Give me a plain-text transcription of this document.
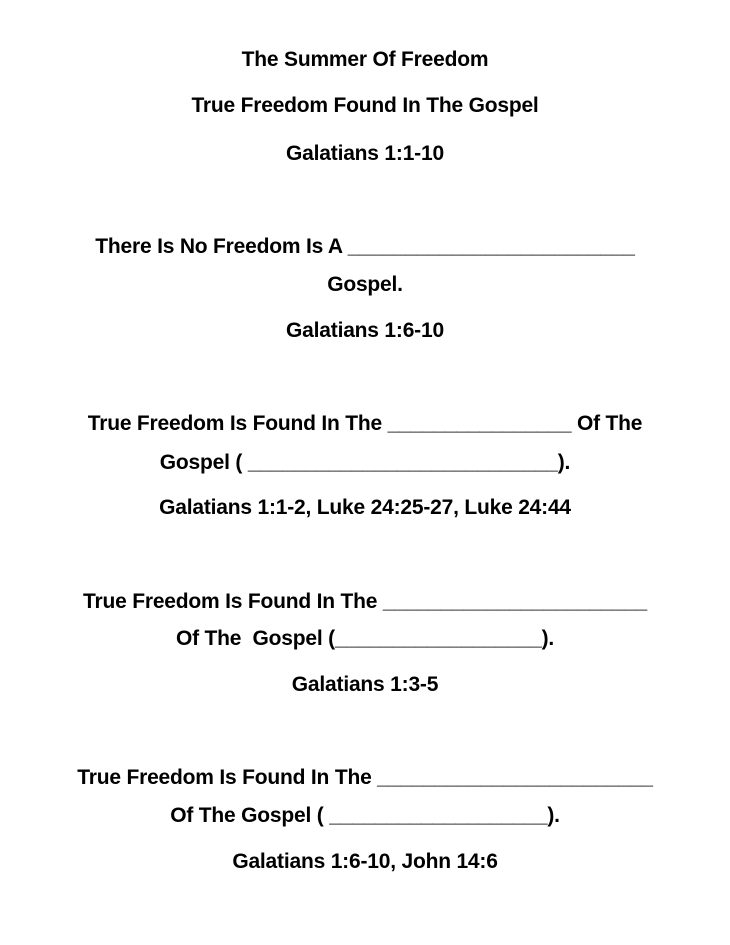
The Summer Of Freedom
True Freedom Found In The Gospel
Galatians 1:1-10
There Is No Freedom Is A _________________________
Gospel.
Galatians 1:6-10
True Freedom Is Found In The ________________ Of The
Gospel ( ___________________________).
Galatians 1:1-2, Luke 24:25-27, Luke 24:44
True Freedom Is Found In The _______________________
Of The  Gospel (__________________).
Galatians 1:3-5
True Freedom Is Found In The ________________________
Of The Gospel ( ___________________).
Galatians 1:6-10, John 14:6
